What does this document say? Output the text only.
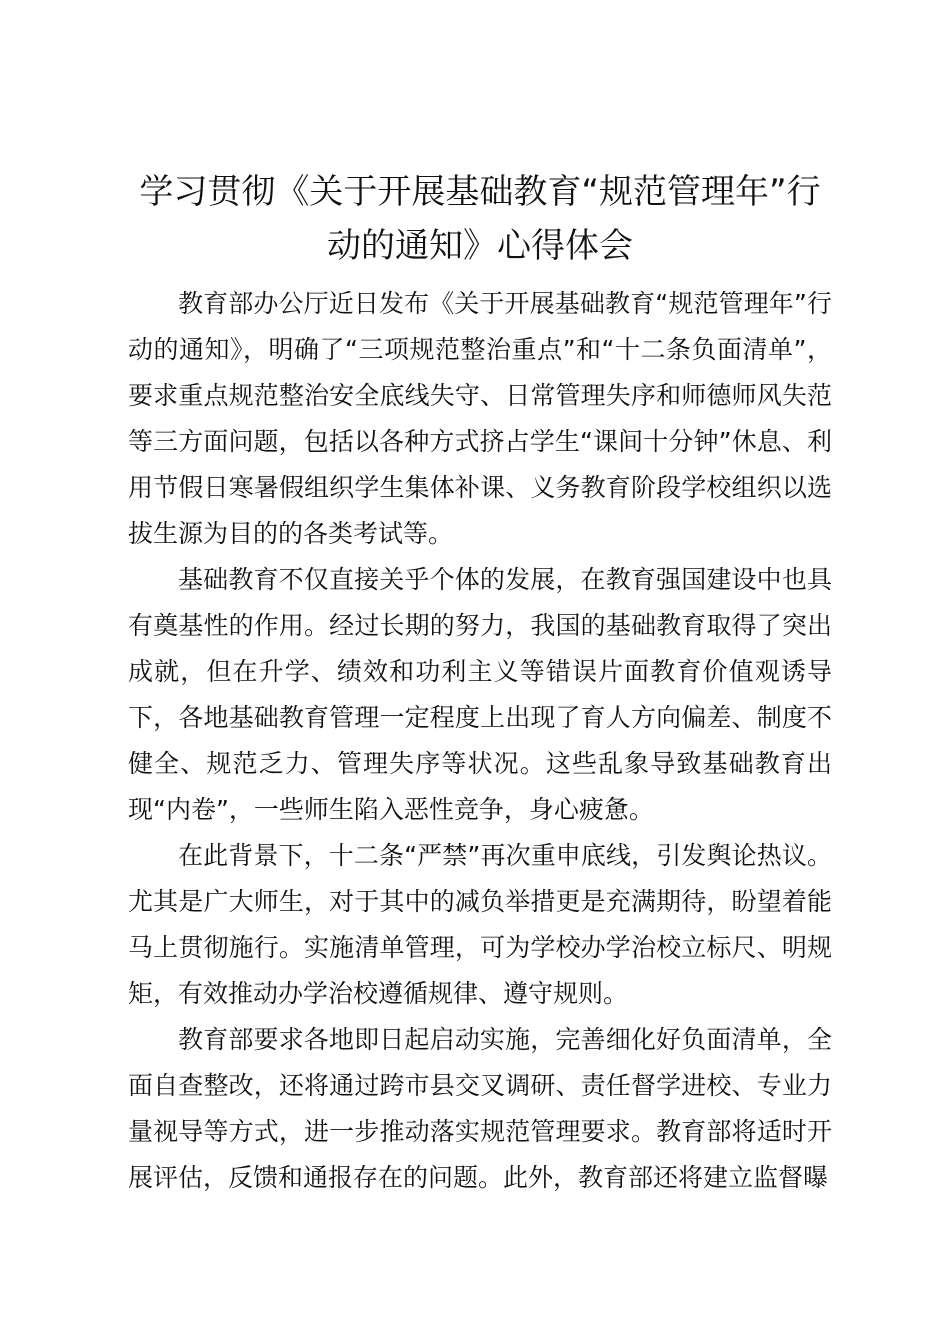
学习贯彻《关于开展基础教育“规范管理年”行动的通知》心得体会

教育部办公厅近日发布《关于开展基础教育“规范管理年”行动的通知》，明确了“三项规范整治重点”和“十二条负面清单”，要求重点规范整治安全底线失守、日常管理失序和师德师风失范等三方面问题，包括以各种方式挤占学生“课间十分钟”休息、利用节假日寒暑假组织学生集体补课、义务教育阶段学校组织以选拔生源为目的的各类考试等。

基础教育不仅直接关乎个体的发展，在教育强国建设中也具有奠基性的作用。经过长期的努力，我国的基础教育取得了突出成就，但在升学、绩效和功利主义等错误片面教育价值观诱导下，各地基础教育管理一定程度上出现了育人方向偏差、制度不健全、规范乏力、管理失序等状况。这些乱象导致基础教育出现“内卷”，一些师生陷入恶性竞争，身心疲惫。

在此背景下，十二条“严禁”再次重申底线，引发舆论热议。尤其是广大师生，对于其中的减负举措更是充满期待，盼望着能马上贯彻施行。实施清单管理，可为学校办学治校立标尺、明规矩，有效推动办学治校遵循规律、遵守规则。

教育部要求各地即日起启动实施，完善细化好负面清单，全面自查整改，还将通过跨市县交叉调研、责任督学进校、专业力量视导等方式，进一步推动落实规范管理要求。教育部将适时开展评估，反馈和通报存在的问题。此外，教育部还将建立监督曝
